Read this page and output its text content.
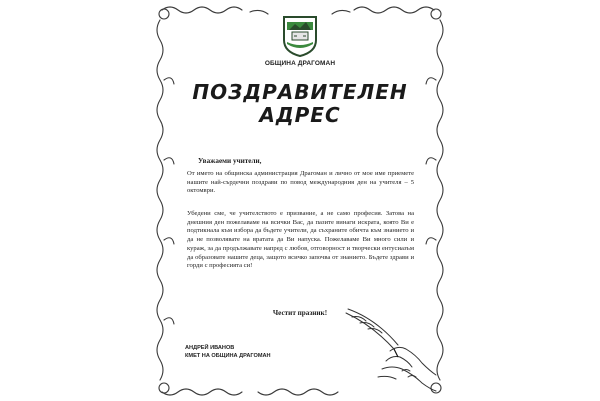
ОБЩИНА ДРАГОМАН
ПОЗДРАВИТЕЛЕН
АДРЕС
Уважаеми учители,
От името на общинска администрация Драгоман и лично от мое име приемете нашите най-сърдечни поздрави по повод международния ден на учителя – 5 октомври.
Убедени сме, че учителството е призвание, а не само професия. Затова на днешния ден пожелаваме на всички Вас, да пазите винаги искрата, която Ви е подтикнала към избора да бъдете учители, да съхраните обичта към знанието и да не позволявате на вратата да Ви напуска. Пожелаваме Ви много сили и кураж, за да продължавате напред с любов, отговорност и творчески ентусиазъм да образовате нашите деца, защото всичко започва от знанието. Бъдете здрави и горди с професията си!
Честит празник!
АНДРЕЙ ИВАНОВ
КМЕТ НА ОБЩИНА ДРАГОМАН
